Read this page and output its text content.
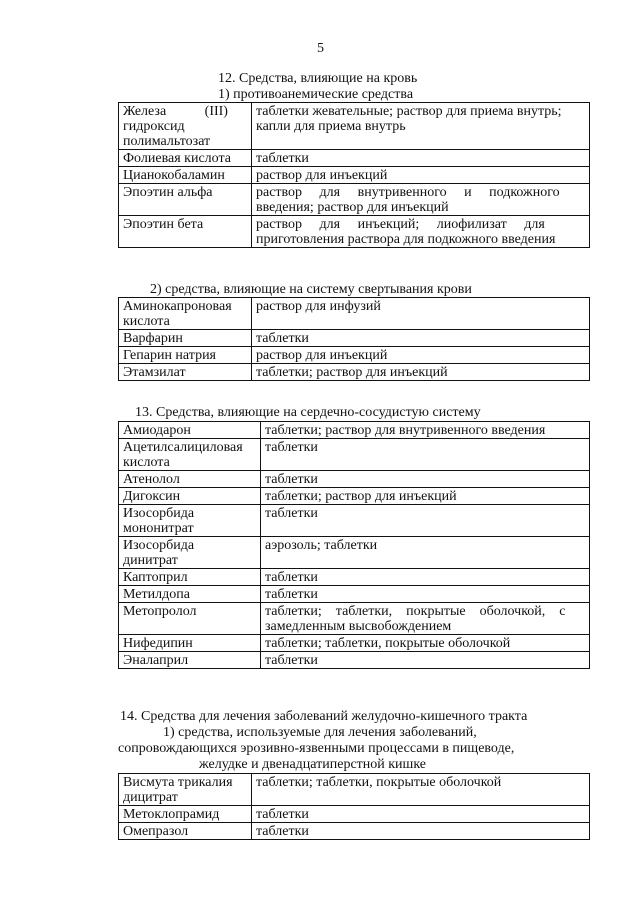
5
12. Средства, влияющие на кровь
1) противоанемические средства
Железа           (III)
гидроксид
полимальтозат	таблетки жевательные; раствор для приема внутрь;
капли для приема внутрь

Фолиевая кислота	таблетки

Цианокобаламин	раствор для инъекций

Эпоэтин альфа	раствор     для     внутривенного     и     подкожного
введения; раствор для инъекций

Эпоэтин бета	раствор     для     инъекций;     лиофилизат     для
приготовления раствора для подкожного введения
2) средства, влияющие на систему свертывания крови
Аминокапроновая
кислота	раствор для инфузий

Варфарин	таблетки

Гепарин натрия	раствор для инъекций

Этамзилат	таблетки; раствор для инъекций
13. Средства, влияющие на сердечно-сосудистую систему
Амиодарон	таблетки; раствор для внутривенного введения

Ацетилсалициловая
кислота	таблетки

Атенолол	таблетки

Дигоксин	таблетки; раствор для инъекций

Изосорбида
мононитрат	таблетки

Изосорбида
динитрат	аэрозоль; таблетки

Каптоприл	таблетки

Метилдопа	таблетки

Метопролол	таблетки;    таблетки,    покрытые    оболочкой,    с
замедленным высвобождением

Нифедипин	таблетки; таблетки, покрытые оболочкой

Эналаприл	таблетки
14. Средства для лечения заболеваний желудочно-кишечного тракта
1) средства, используемые для лечения заболеваний,
сопровождающихся эрозивно-язвенными процессами в пищеводе,
желудке и двенадцатиперстной кишке
Висмута трикалия
дицитрат	таблетки; таблетки, покрытые оболочкой

Метоклопрамид	таблетки

Омепразол	таблетки
